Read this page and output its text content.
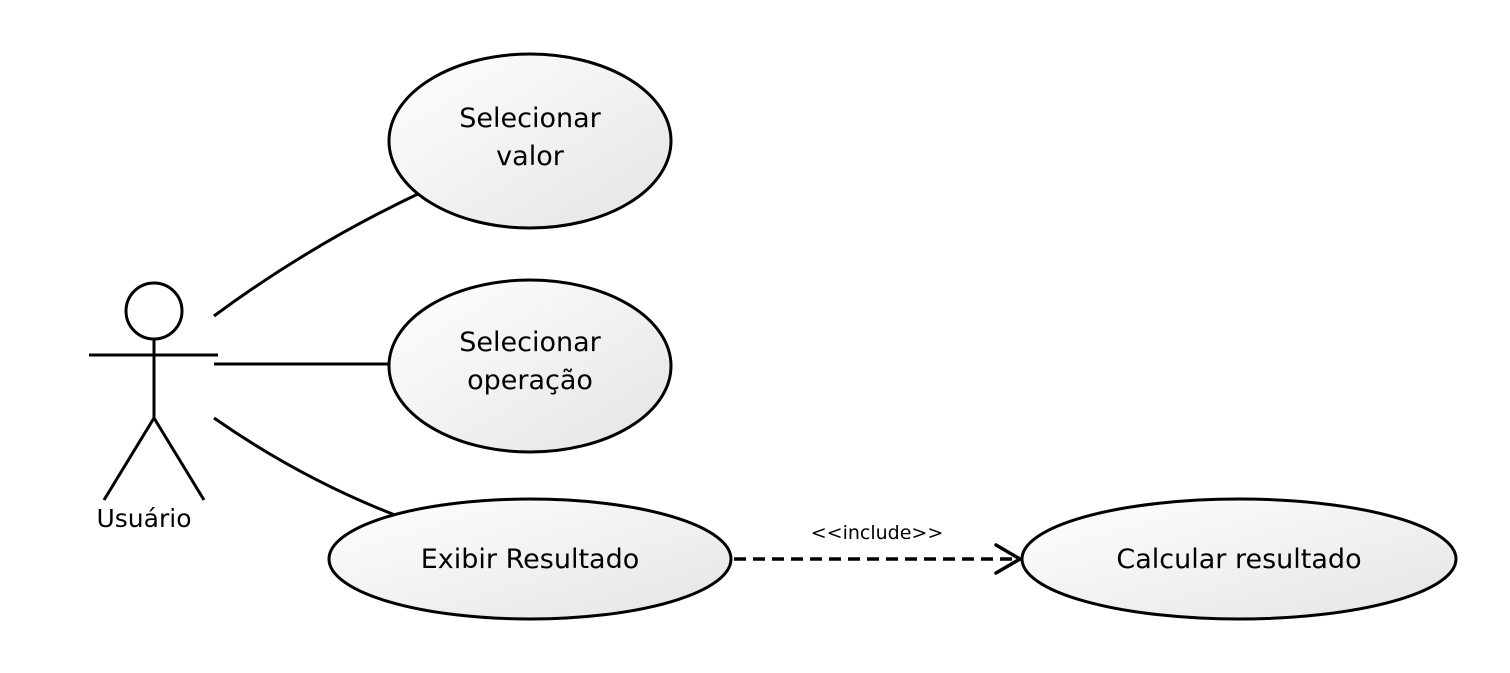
Usuário
Selecionar
valor
Selecionar
operação
Exibir Resultado	Calcular resultado
<<include>>
